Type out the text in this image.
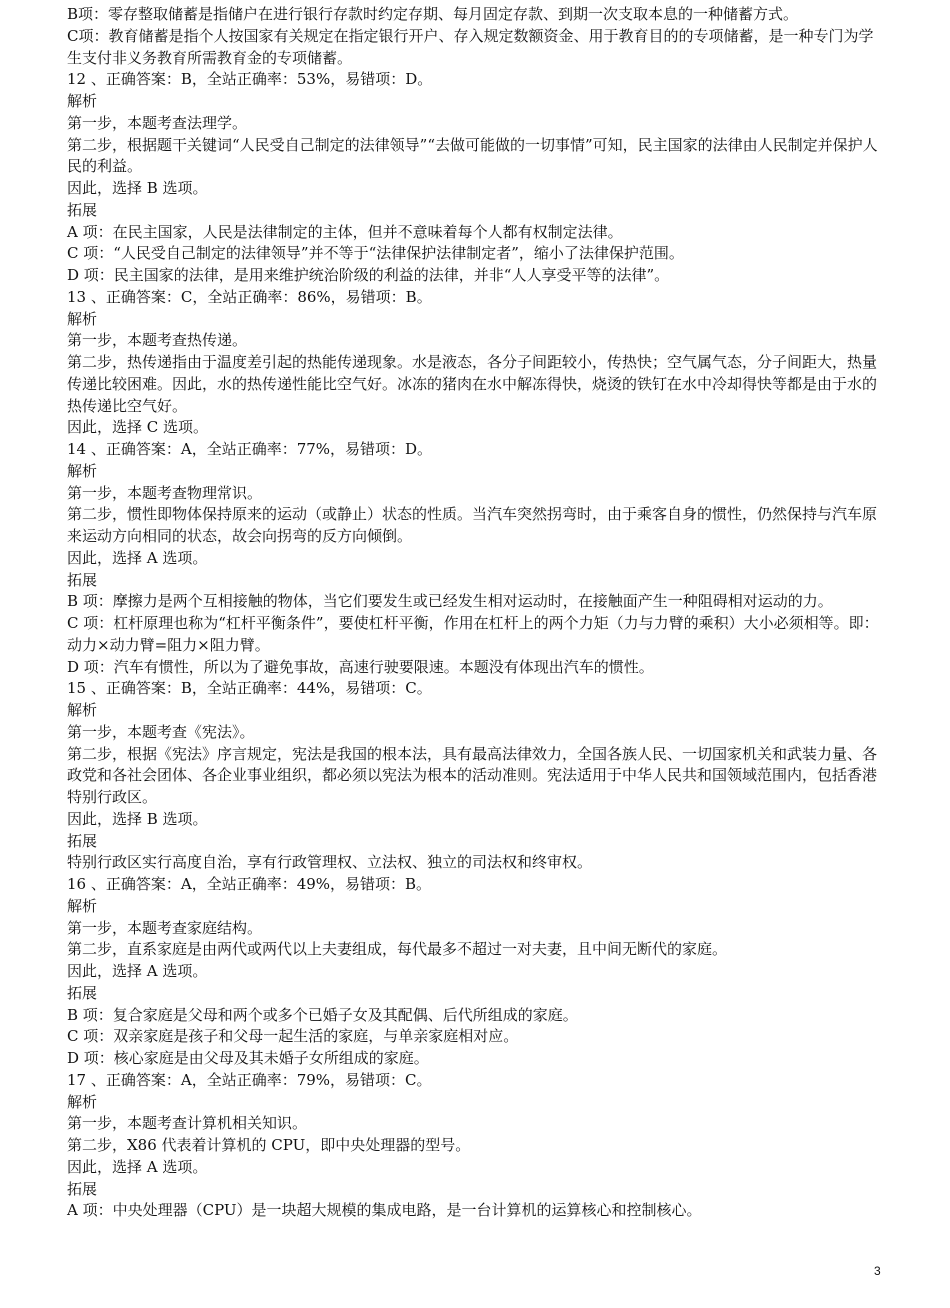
B项：零存整取储蓄是指储户在进行银行存款时约定存期、每月固定存款、到期一次支取本息的一种储蓄方式。

C项：教育储蓄是指个人按国家有关规定在指定银行开户、存入规定数额资金、用于教育目的的专项储蓄，是一种专门为学生支付非义务教育所需教育金的专项储蓄。

12 、正确答案：B，全站正确率：53%，易错项：D。

解析

第一步，本题考查法理学。

第二步，根据题干关键词“人民受自己制定的法律领导”“去做可能做的一切事情”可知，民主国家的法律由人民制定并保护人民的利益。

因此，选择 B 选项。

拓展

A 项：在民主国家，人民是法律制定的主体，但并不意味着每个人都有权制定法律。

C 项：“人民受自己制定的法律领导”并不等于“法律保护法律制定者”，缩小了法律保护范围。

D 项：民主国家的法律，是用来维护统治阶级的利益的法律，并非“人人享受平等的法律”。

13 、正确答案：C，全站正确率：86%，易错项：B。

解析

第一步，本题考查热传递。

第二步，热传递指由于温度差引起的热能传递现象。水是液态，各分子间距较小，传热快；空气属气态，分子间距大，热量传递比较困难。因此，水的热传递性能比空气好。冰冻的猪肉在水中解冻得快，烧烫的铁钉在水中冷却得快等都是由于水的热传递比空气好。

因此，选择 C 选项。

14 、正确答案：A，全站正确率：77%，易错项：D。

解析

第一步，本题考查物理常识。

第二步，惯性即物体保持原来的运动（或静止）状态的性质。当汽车突然拐弯时，由于乘客自身的惯性，仍然保持与汽车原来运动方向相同的状态，故会向拐弯的反方向倾倒。

因此，选择 A 选项。

拓展

B 项：摩擦力是两个互相接触的物体，当它们要发生或已经发生相对运动时，在接触面产生一种阻碍相对运动的力。

C 项：杠杆原理也称为“杠杆平衡条件”，要使杠杆平衡，作用在杠杆上的两个力矩（力与力臂的乘积）大小必须相等。即：动力×动力臂=阻力×阻力臂。

D 项：汽车有惯性，所以为了避免事故，高速行驶要限速。本题没有体现出汽车的惯性。

15 、正确答案：B，全站正确率：44%，易错项：C。

解析

第一步，本题考查《宪法》。

第二步，根据《宪法》序言规定，宪法是我国的根本法，具有最高法律效力，全国各族人民、一切国家机关和武装力量、各政党和各社会团体、各企业事业组织，都必须以宪法为根本的活动准则。宪法适用于中华人民共和国领域范围内，包括香港特别行政区。

因此，选择 B 选项。

拓展

特别行政区实行高度自治，享有行政管理权、立法权、独立的司法权和终审权。

16 、正确答案：A，全站正确率：49%，易错项：B。

解析

第一步，本题考查家庭结构。

第二步，直系家庭是由两代或两代以上夫妻组成，每代最多不超过一对夫妻，且中间无断代的家庭。

因此，选择 A 选项。

拓展

B 项：复合家庭是父母和两个或多个已婚子女及其配偶、后代所组成的家庭。

C 项：双亲家庭是孩子和父母一起生活的家庭，与单亲家庭相对应。

D 项：核心家庭是由父母及其未婚子女所组成的家庭。

17 、正确答案：A，全站正确率：79%，易错项：C。

解析

第一步，本题考查计算机相关知识。

第二步，X86 代表着计算机的 CPU，即中央处理器的型号。

因此，选择 A 选项。

拓展

A 项：中央处理器（CPU）是一块超大规模的集成电路，是一台计算机的运算核心和控制核心。

3
